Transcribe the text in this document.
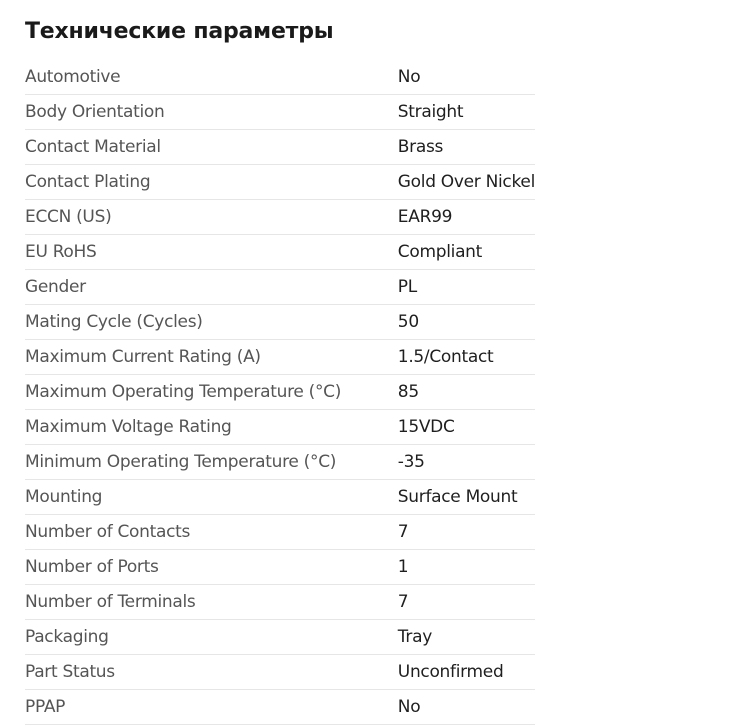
Технические параметры
Automotive	No
Body Orientation	Straight
Contact Material	Brass
Contact Plating	Gold Over Nickel
ECCN (US)	EAR99
EU RoHS	Compliant
Gender	PL
Mating Cycle (Cycles)	50
Maximum Current Rating (A)	1.5/Contact
Maximum Operating Temperature (°C)	85
Maximum Voltage Rating	15VDC
Minimum Operating Temperature (°C)	-35
Mounting	Surface Mount
Number of Contacts	7
Number of Ports	1
Number of Terminals	7
Packaging	Tray
Part Status	Unconfirmed
PPAP	No
